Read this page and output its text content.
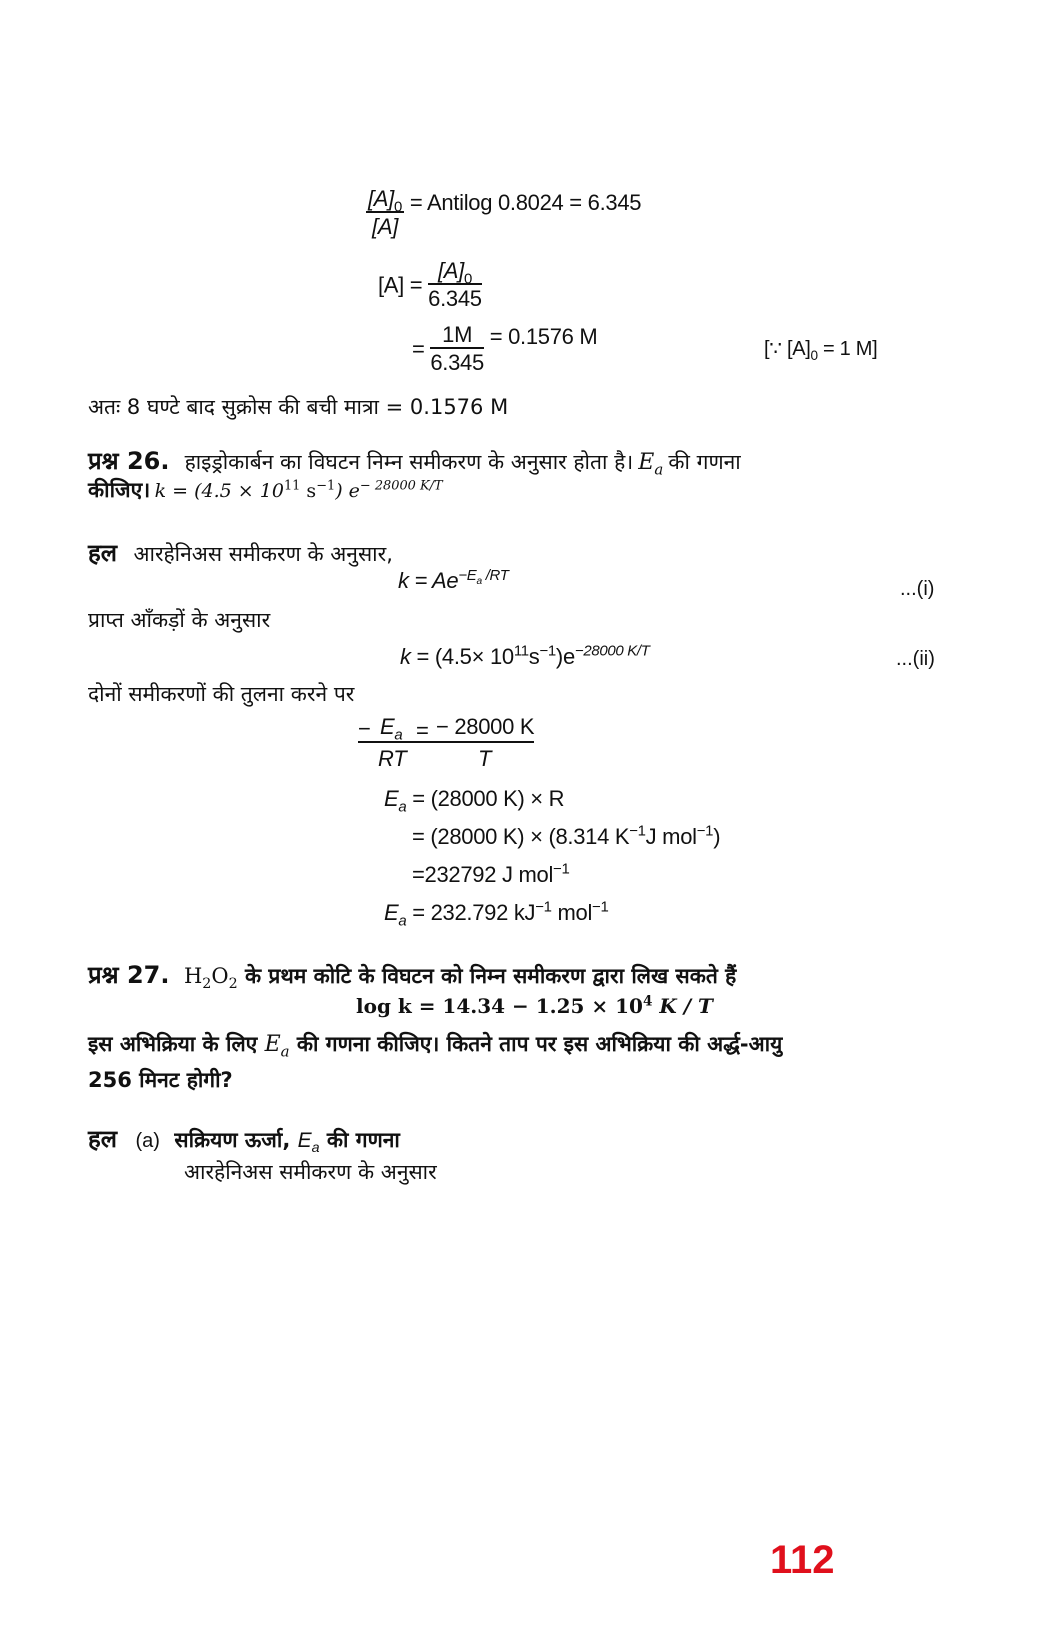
$\frac{[A]_0}{[A]}$ = Antilog 0.8024 = 6.345
$[A] = \frac{[A]_0}{6.345}$
= $\frac{1M}{6.345} = 0.1576$ M	[∵ $[A]_0 = 1$ M]
अतः 8 घण्टे बाद सुक्रोस की बची मात्रा = 0.1576 M
प्रश्न 26. हाइड्रोकार्बन का विघटन निम्न समीकरण के अनुसार होता है। $E_a$ की गणना
कीजिए। $k = (4.5 \times 10^{11}$ $s^{-1}$) $e^{- 28000 K/T}$
हल आरहेनिअस समीकरण के अनुसार,
$k = Ae^{-E_a /RT}$
...(i)
प्राप्त आँकड़ों के अनुसार
$k = (4.5\times 10^{11}s^{-1})e^{-28000 K/T}$	...(ii)
दोनों समीकरणों की तुलना करने पर
− $E_a$ = − 28000 K
RT	T
$E_a = (28000$ K) × R
= (28000 K) × (8.314 $K^{-1}J$ mol$^{-1}$)
=232792 J mol$^{-1}$
$E_a = 232.792$ $kJ^{-1}$ mol$^{-1}$
प्रश्न 27. $H_2O_2$ के प्रथम कोटि के विघटन को निम्न समीकरण द्वारा लिख सकते हैं
$\log k = 14.34 - 1.25 \times 10^4$ K / T
इस अभिक्रिया के लिए $E_a$ की गणना कीजिए। कितने ताप पर इस अभिक्रिया की अर्द्ध-आयु
256 मिनट होगी?
हल (a) सक्रियण ऊर्जा, $E_a$ की गणना
आरहेनिअस समीकरण के अनुसार
112
